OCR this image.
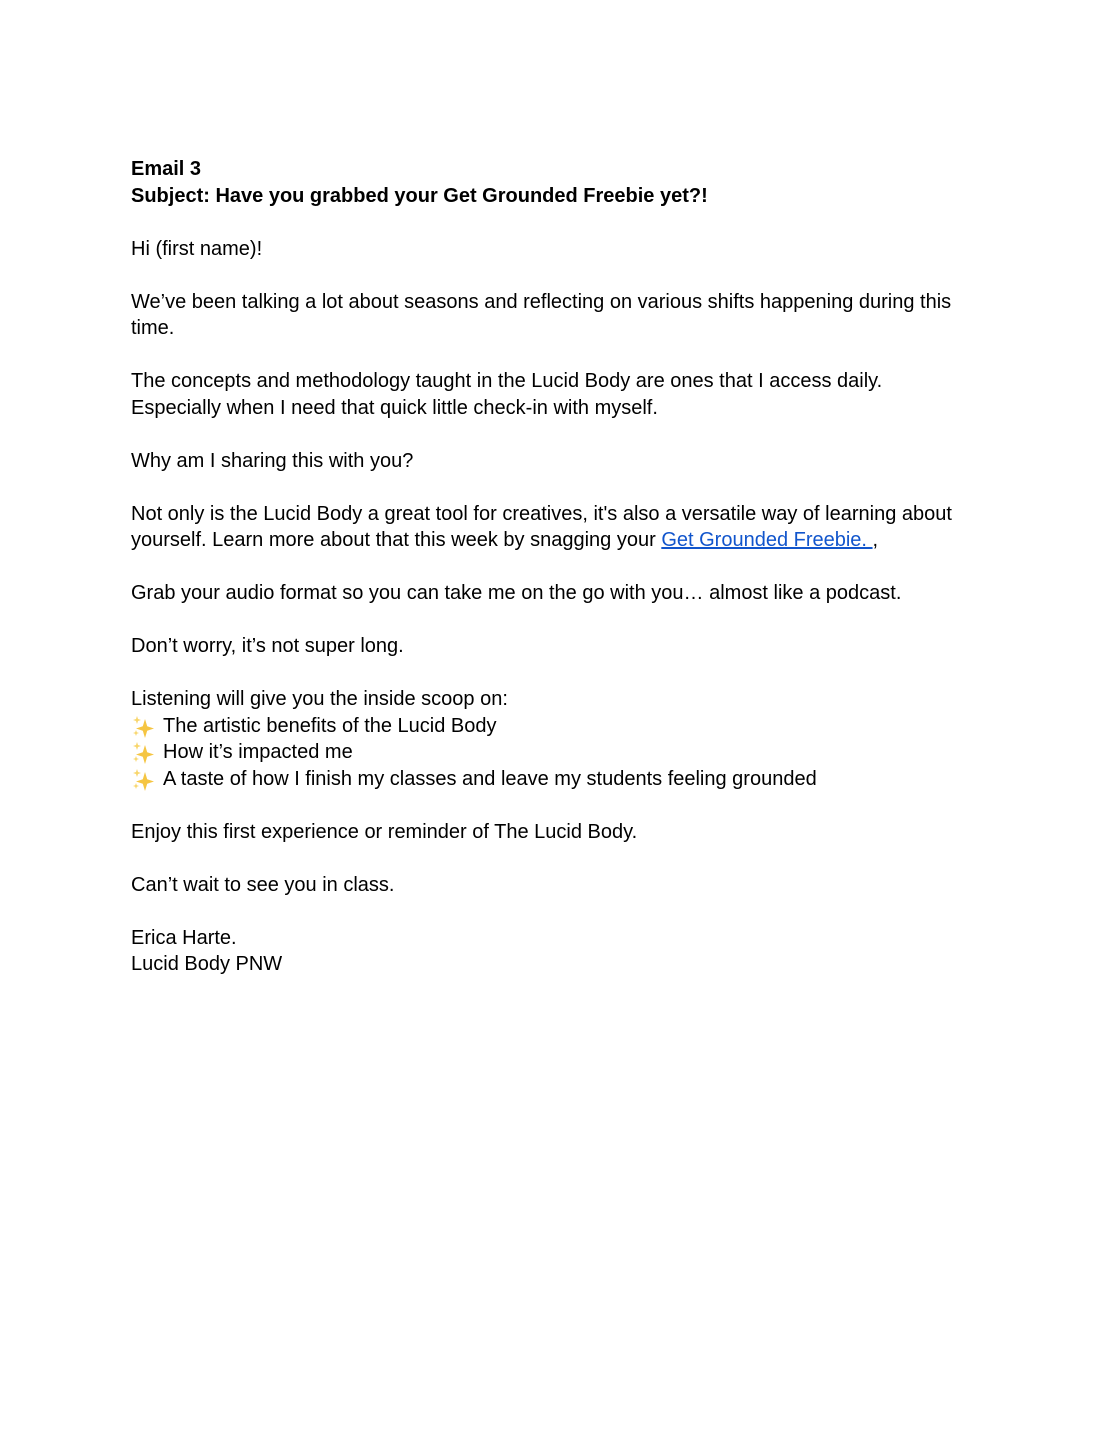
Email 3
Subject: Have you grabbed your Get Grounded Freebie yet?!
Hi (first name)!
We’ve been talking a lot about seasons and reflecting on various shifts happening during this
time.
The concepts and methodology taught in the Lucid Body are ones that I access daily.
Especially when I need that quick little check-in with myself.
Why am I sharing this with you?
Not only is the Lucid Body a great tool for creatives, it's also a versatile way of learning about
yourself. Learn more about that this week by snagging your Get Grounded Freebie. ,
Grab your audio format so you can take me on the go with you… almost like a podcast.
Don’t worry, it’s not super long.
Listening will give you the inside scoop on:
The artistic benefits of the Lucid Body
How it’s impacted me
A taste of how I finish my classes and leave my students feeling grounded
Enjoy this first experience or reminder of The Lucid Body.
Can’t wait to see you in class.
Erica Harte.
Lucid Body PNW
